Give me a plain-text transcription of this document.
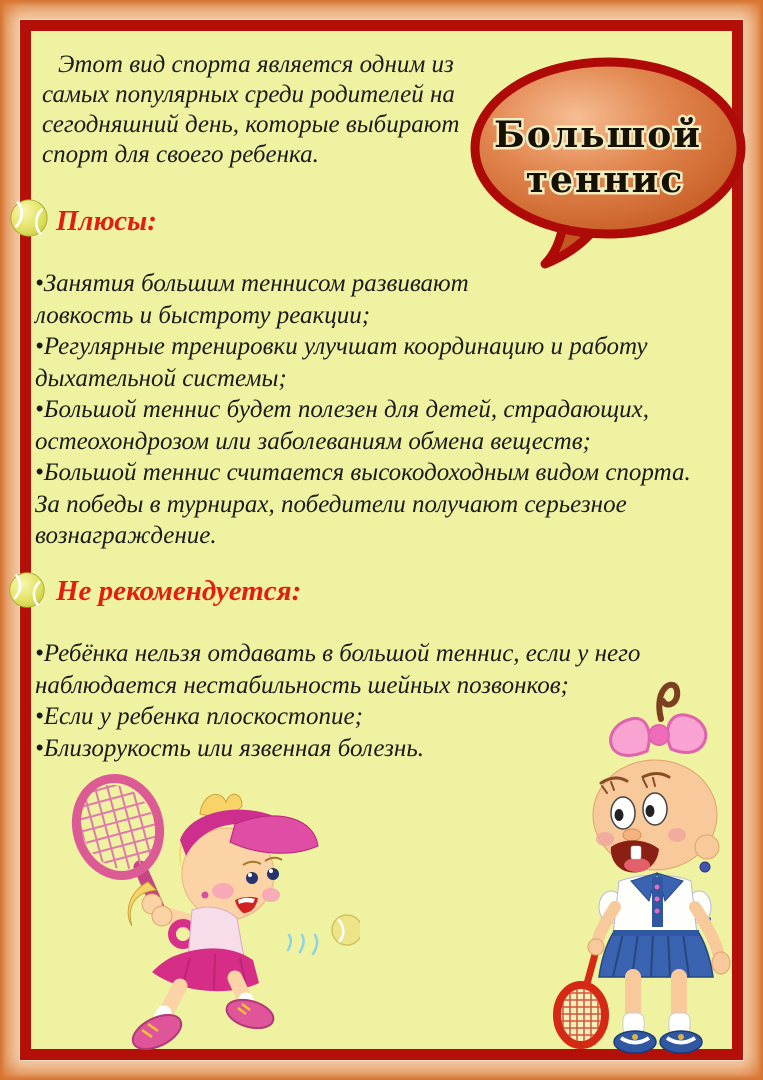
Этот вид спорта является одним из самых популярных среди родителей на сегодняшний день, которые выбирают спорт для своего ребенка.	Большой
теннис
Плюсы:
•Занятия большим теннисом развивают ловкость и быстроту реакции;
•Регулярные тренировки улучшат координацию и работу дыхательной системы;
•Большой теннис будет полезен для детей, страдающих, остеохондрозом или заболеваниям обмена веществ;
•Большой теннис считается высокодоходным видом спорта. За победы в турнирах, победители получают серьезное вознаграждение.
Не рекомендуется:
•Ребёнка нельзя отдавать в большой теннис, если у него наблюдается нестабильность шейных позвонков;
•Если у ребенка плоскостопие;
•Близорукость или язвенная болезнь.
